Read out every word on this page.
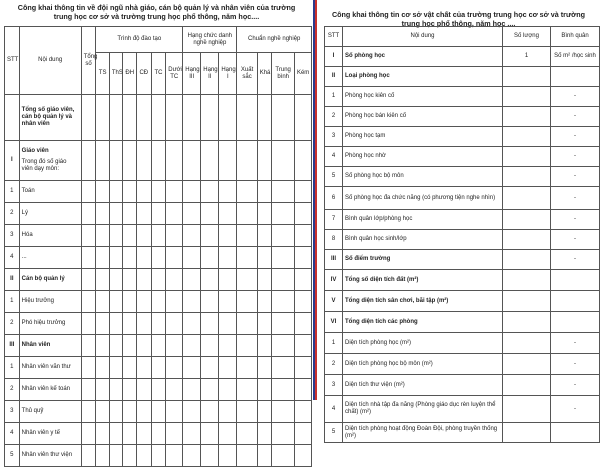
Công khai thông tin về đội ngũ nhà giáo, cán bộ quản lý và nhân viên của trường trung học cơ sở và trường trung học phổ thông, năm học....
STT	Nội dung	Tổng số	Trình độ đào tạo						Hạng chức danh nghề nghiệp			Chuẩn nghề nghiệp			
			TS	ThS	ĐH	CĐ	TC	Dưới TC	Hạng III	Hạng II	Hạng I	Xuất sắc	Khá	Trung bình	Kém

	Tổng số giáo viên, cán bộ quản lý và nhân viên														

I	Giáo viên
Trong đó số giáo viên dạy môn:														

1	Toán														

2	Lý														

3	Hóa														

4	...														

II	Cán bộ quản lý														

1	Hiệu trưởng														

2	Phó hiệu trưởng														

III	Nhân viên														

1	Nhân viên văn thư														

2	Nhân viên kế toán														

3	Thủ quỹ														

4	Nhân viên y tế														

5	Nhân viên thư viện														

Công khai thông tin cơ sở vật chất của trường trung học cơ sở và trường trung học phổ thông, năm học ....
STT	Nội dung	Số lượng	Bình quân
I	Số phòng học	1	Số m² /học sinh
II	Loại phòng học		
1	Phòng học kiên cố		-
2	Phòng học bán kiên cố		-
3	Phòng học tạm		-
4	Phòng học nhờ		-
5	Số phòng học bộ môn		-
6	Số phòng học đa chức năng (có phương tiện nghe nhìn)		-
7	Bình quân lớp/phòng học		-
8	Bình quân học sinh/lớp		-
III	Số điểm trường		-
IV	Tổng số diện tích đất (m²)		
V	Tổng diện tích sân chơi, bãi tập (m²)		
VI	Tổng diện tích các phòng		
1	Diện tích phòng học (m²)		-
2	Diện tích phòng học bộ môn (m²)		-
3	Diện tích thư viện (m²)		-
4	Diện tích nhà tập đa năng (Phòng giáo dục rèn luyện thể chất) (m²)		-
5	Diện tích phòng hoạt động Đoàn Đội, phòng truyền thống (m²)		
